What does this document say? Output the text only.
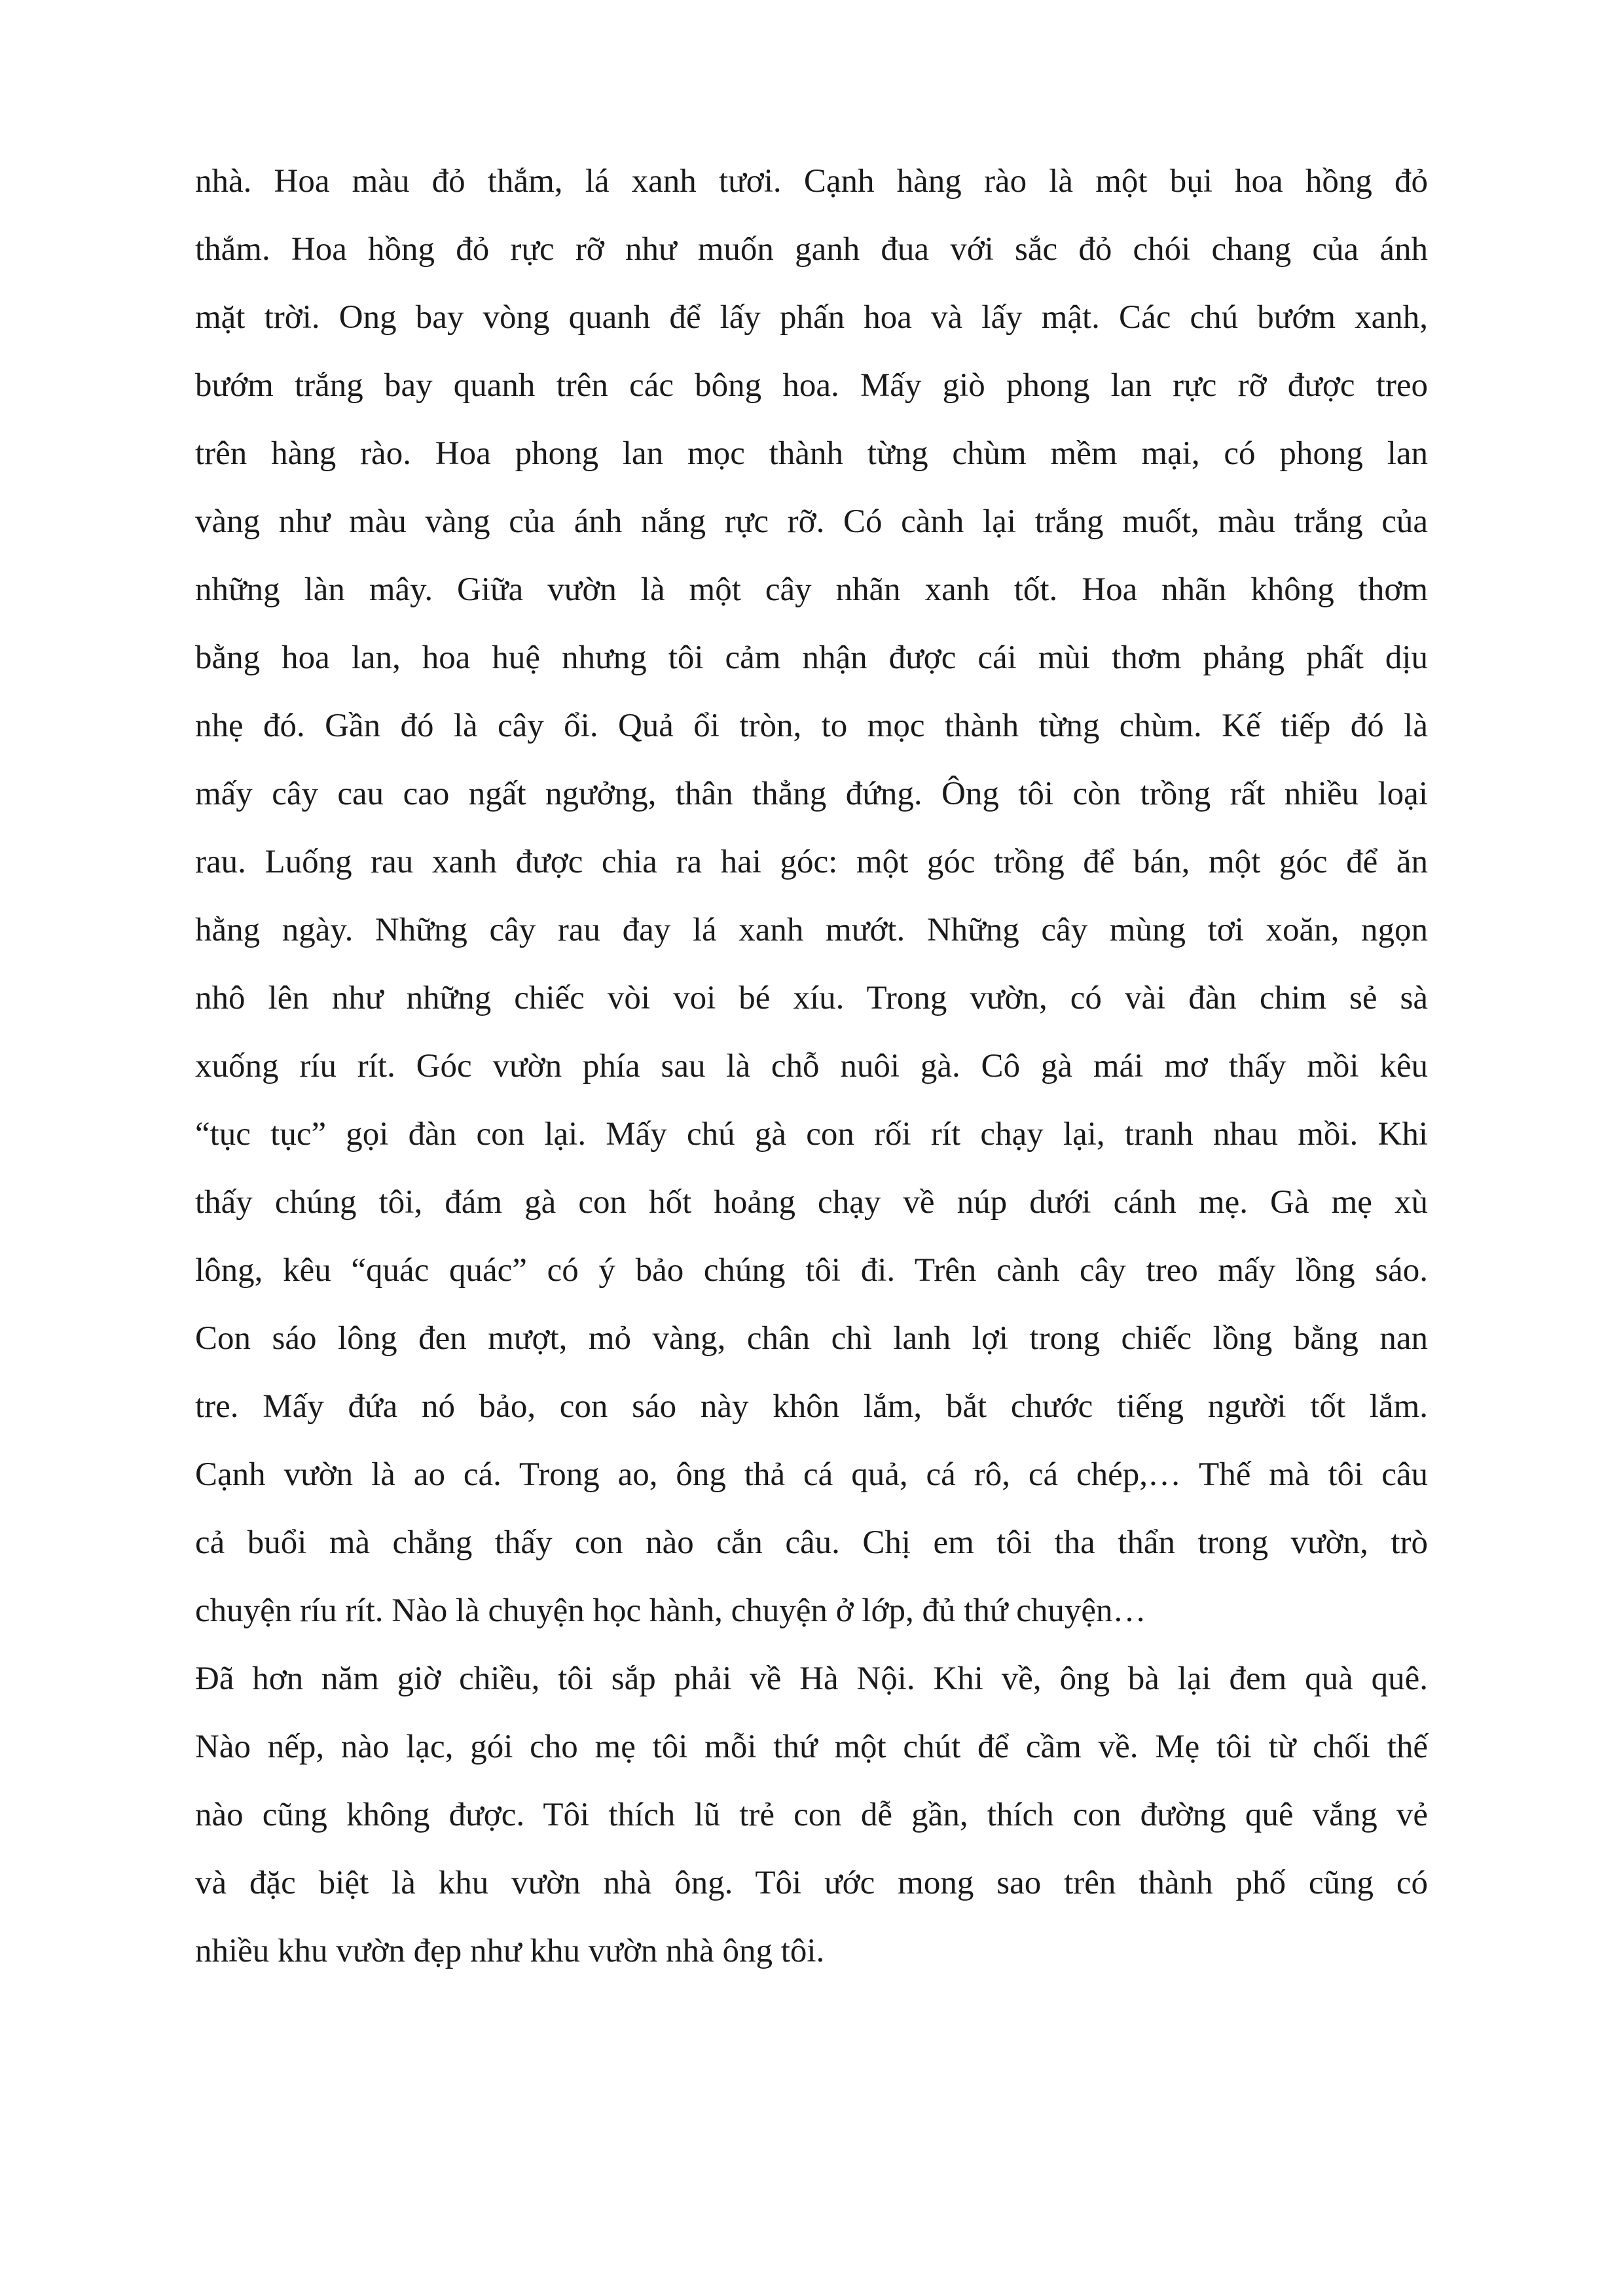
nhà. Hoa màu đỏ thắm, lá xanh tươi. Cạnh hàng rào là một bụi hoa hồng đỏ
thắm. Hoa hồng đỏ rực rỡ như muốn ganh đua với sắc đỏ chói chang của ánh
mặt trời. Ong bay vòng quanh để lấy phấn hoa và lấy mật. Các chú bướm xanh,
bướm trắng bay quanh trên các bông hoa. Mấy giò phong lan rực rỡ được treo
trên hàng rào. Hoa phong lan mọc thành từng chùm mềm mại, có phong lan
vàng như màu vàng của ánh nắng rực rỡ. Có cành lại trắng muốt, màu trắng của
những làn mây. Giữa vườn là một cây nhãn xanh tốt. Hoa nhãn không thơm
bằng hoa lan, hoa huệ nhưng tôi cảm nhận được cái mùi thơm phảng phất dịu
nhẹ đó. Gần đó là cây ổi. Quả ổi tròn, to mọc thành từng chùm. Kế tiếp đó là
mấy cây cau cao ngất ngưởng, thân thẳng đứng. Ông tôi còn trồng rất nhiều loại
rau. Luống rau xanh được chia ra hai góc: một góc trồng để bán, một góc để ăn
hằng ngày. Những cây rau đay lá xanh mướt. Những cây mùng tơi xoăn, ngọn
nhô lên như những chiếc vòi voi bé xíu. Trong vườn, có vài đàn chim sẻ sà
xuống ríu rít. Góc vườn phía sau là chỗ nuôi gà. Cô gà mái mơ thấy mồi kêu
“tục tục” gọi đàn con lại. Mấy chú gà con rối rít chạy lại, tranh nhau mồi. Khi
thấy chúng tôi, đám gà con hốt hoảng chạy về núp dưới cánh mẹ. Gà mẹ xù
lông, kêu “quác quác” có ý bảo chúng tôi đi. Trên cành cây treo mấy lồng sáo.
Con sáo lông đen mượt, mỏ vàng, chân chì lanh lợi trong chiếc lồng bằng nan
tre. Mấy đứa nó bảo, con sáo này khôn lắm, bắt chước tiếng người tốt lắm.
Cạnh vườn là ao cá. Trong ao, ông thả cá quả, cá rô, cá chép,… Thế mà tôi câu
cả buổi mà chẳng thấy con nào cắn câu. Chị em tôi tha thẩn trong vườn, trò
chuyện ríu rít. Nào là chuyện học hành, chuyện ở lớp, đủ thứ chuyện…
Đã hơn năm giờ chiều, tôi sắp phải về Hà Nội. Khi về, ông bà lại đem quà quê.
Nào nếp, nào lạc, gói cho mẹ tôi mỗi thứ một chút để cầm về. Mẹ tôi từ chối thế
nào cũng không được. Tôi thích lũ trẻ con dễ gần, thích con đường quê vắng vẻ
và đặc biệt là khu vườn nhà ông. Tôi ước mong sao trên thành phố cũng có
nhiều khu vườn đẹp như khu vườn nhà ông tôi.
